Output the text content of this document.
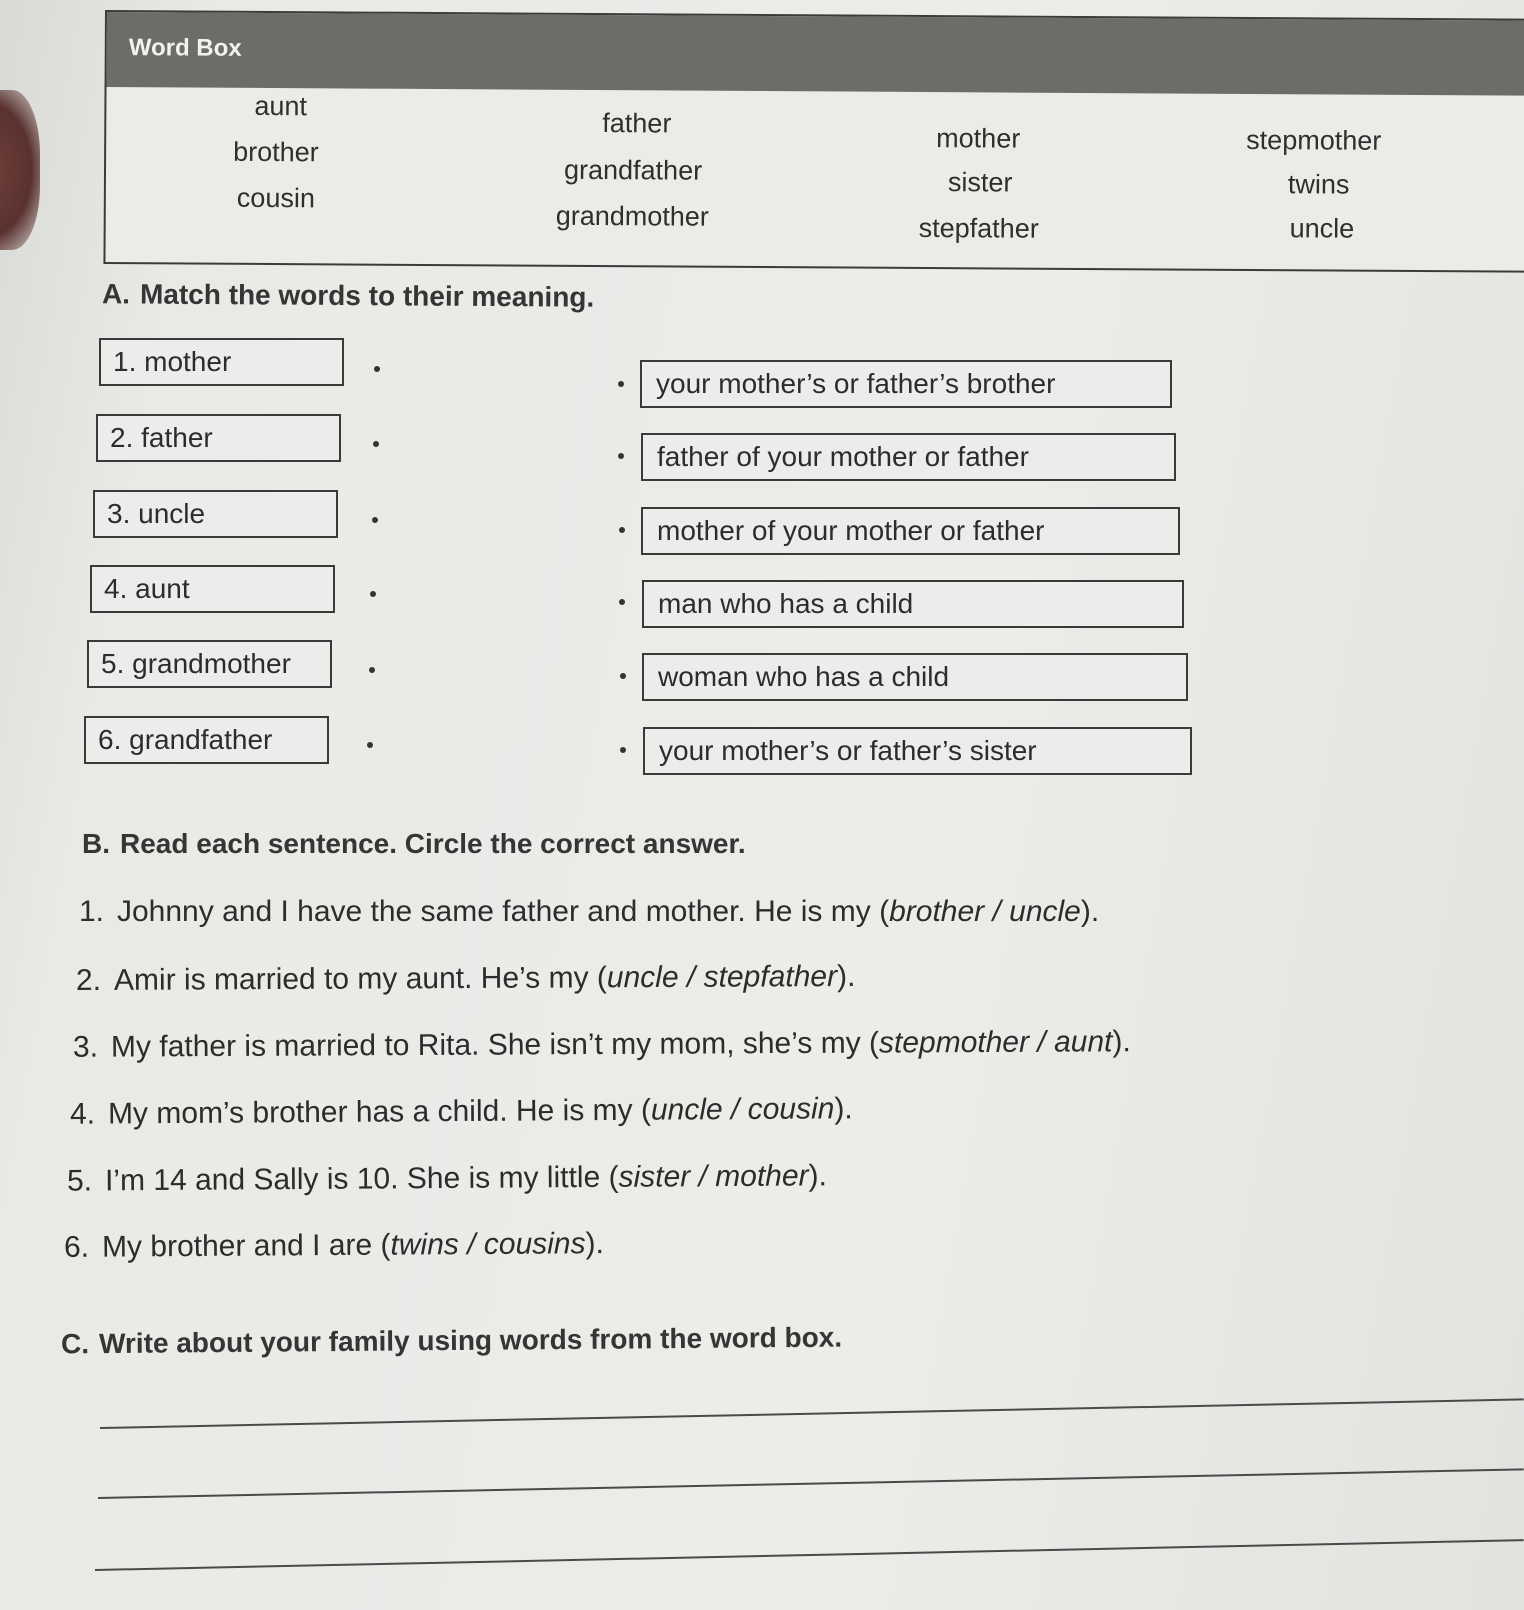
Word Box
aunt
brother
cousin
father
grandfather
grandmother
mother
sister
stepfather
stepmother
twins
uncle
A. Match the words to their meaning.
1. mother
2. father
3. uncle
4. aunt
5. grandmother
6. grandfather
your mother’s or father’s brother
father of your mother or father
mother of your mother or father
man who has a child
woman who has a child
your mother’s or father’s sister
B. Read each sentence. Circle the correct answer.
1. Johnny and I have the same father and mother. He is my (brother / uncle).
2. Amir is married to my aunt. He’s my (uncle / stepfather).
3. My father is married to Rita. She isn’t my mom, she’s my (stepmother / aunt).
4. My mom’s brother has a child. He is my (uncle / cousin).
5. I’m 14 and Sally is 10. She is my little (sister / mother).
6. My brother and I are (twins / cousins).
C. Write about your family using words from the word box.
